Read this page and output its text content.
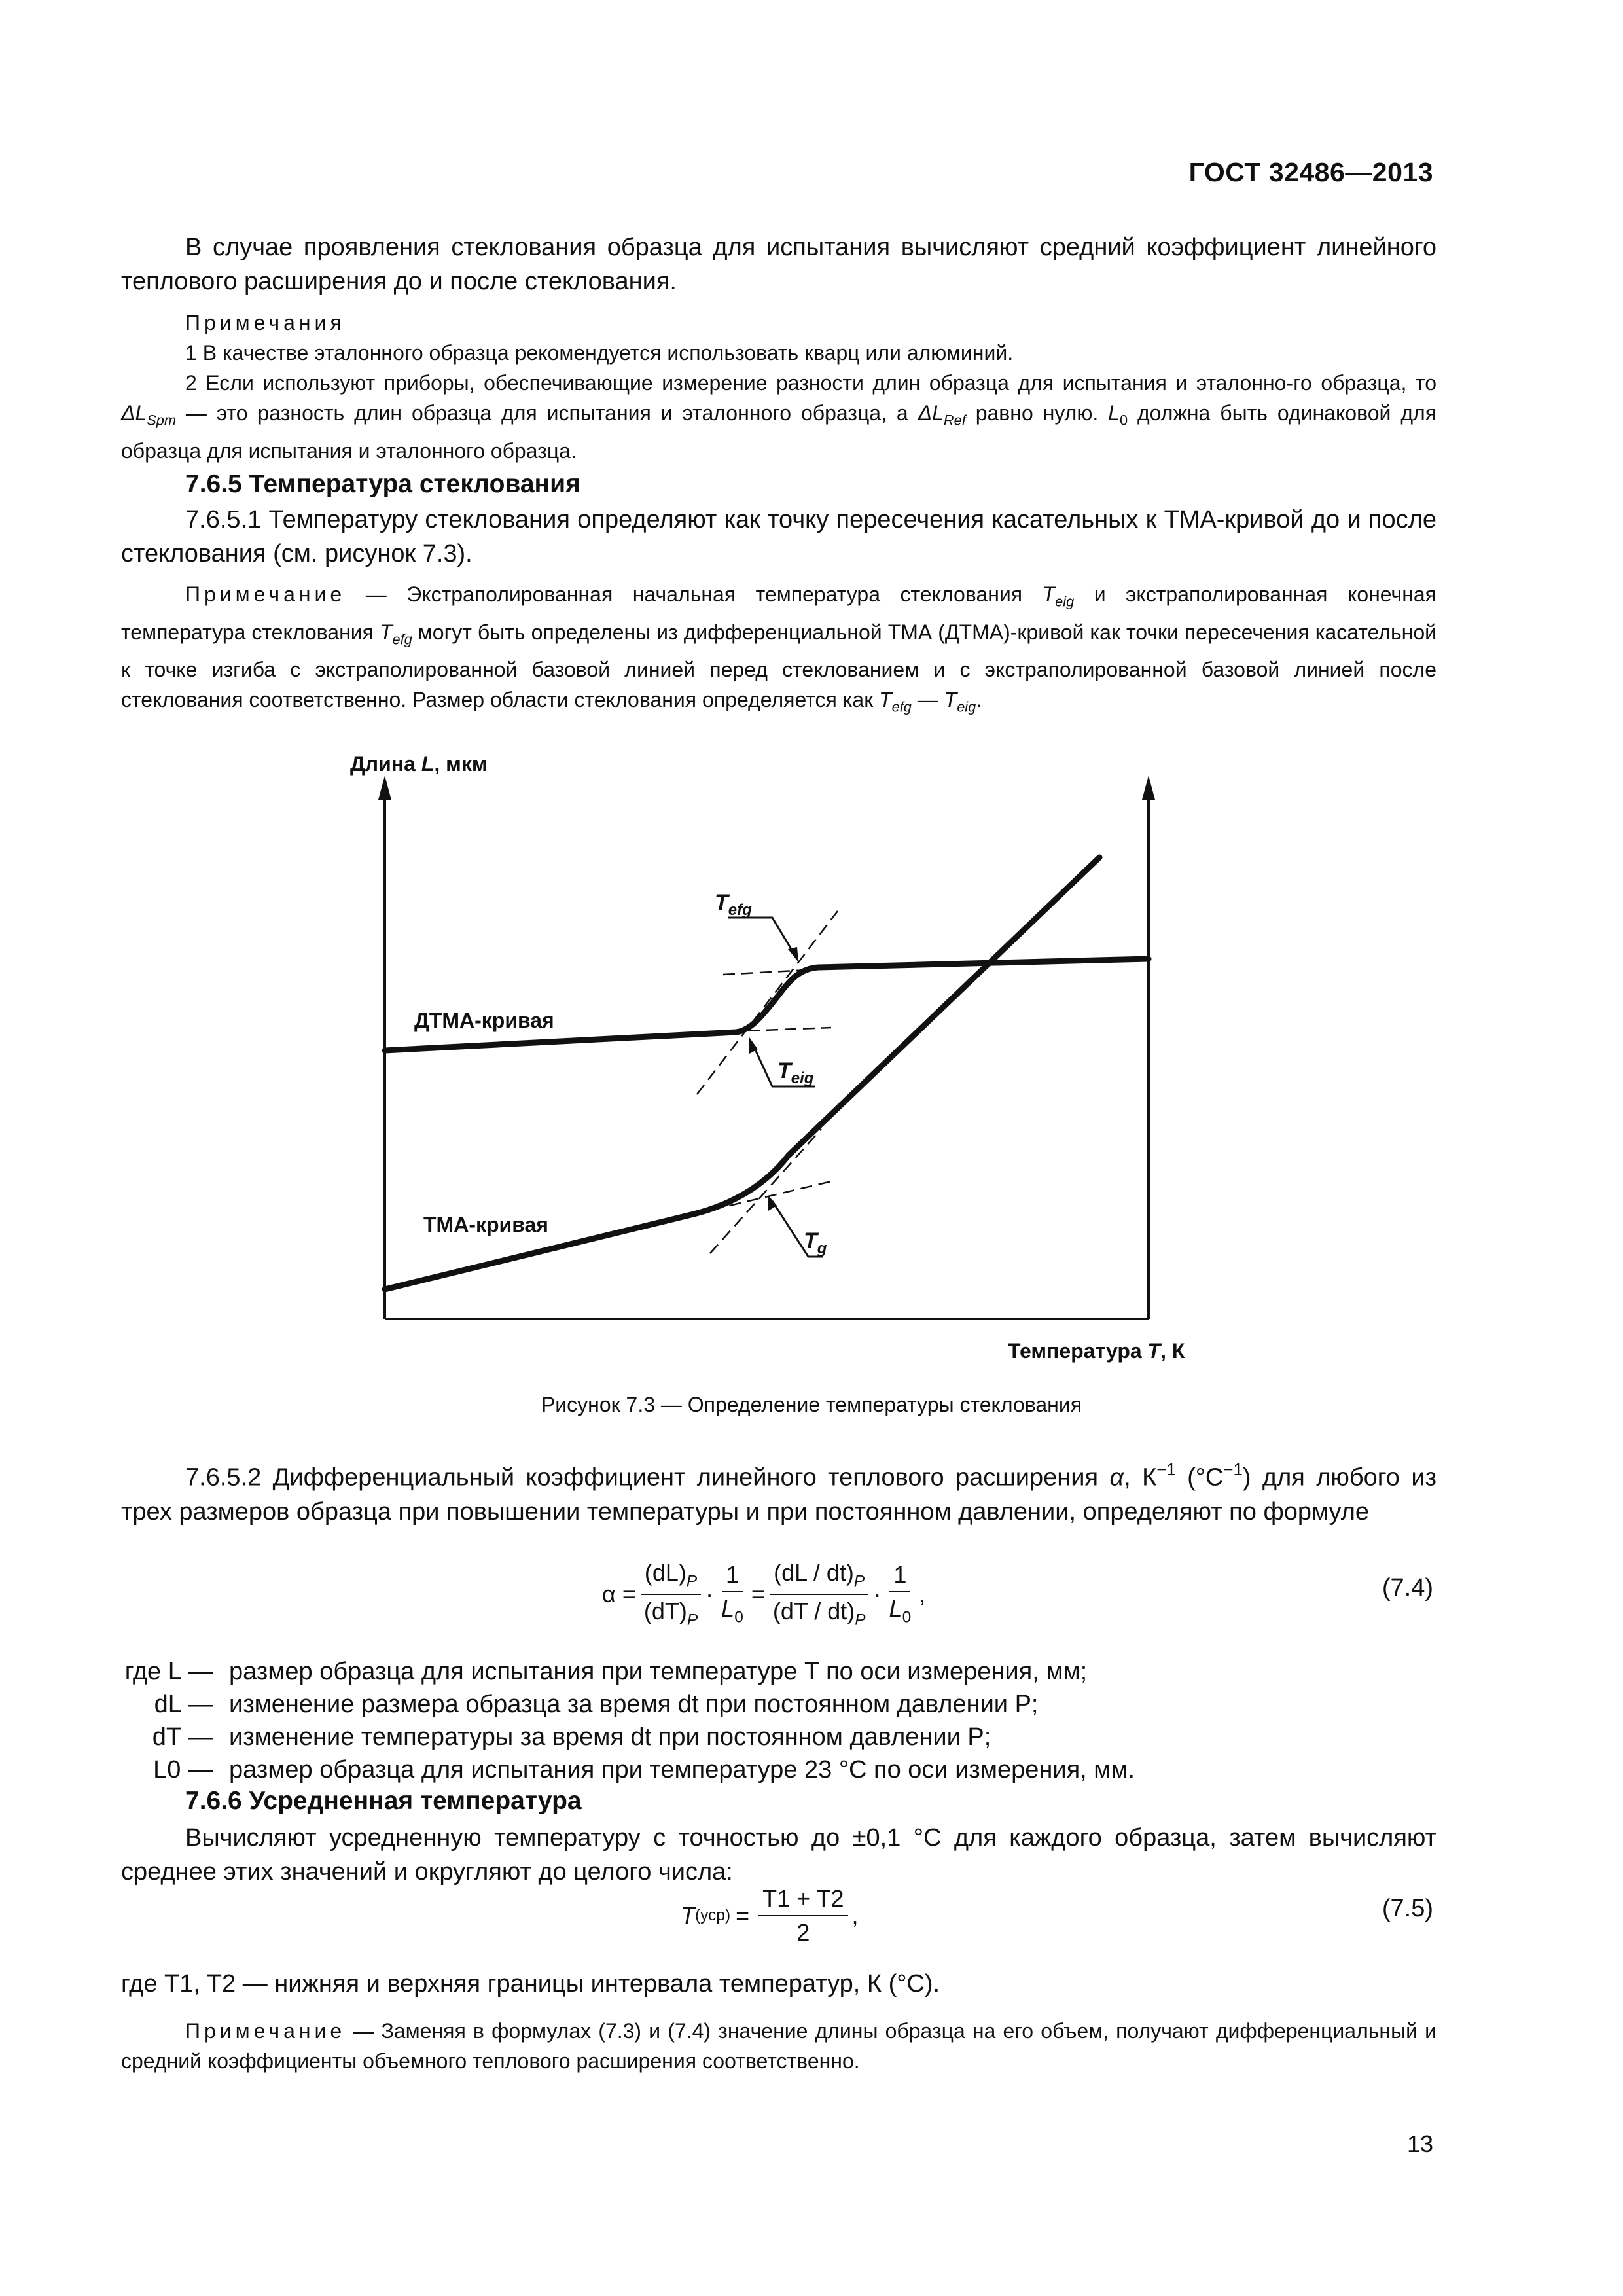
ГОСТ 32486—2013
В случае проявления стеклования образца для испытания вычисляют средний коэффициент линейного теплового расширения до и после стеклования.
Примечания
1 В качестве эталонного образца рекомендуется использовать кварц или алюминий.
2 Если используют приборы, обеспечивающие измерение разности длин образца для испытания и эталонно-го образца, то $\Delta L_{Spm}$ — это разность длин образца для испытания и эталонного образца, а $\Delta L_{Ref}$ равно нулю. $L_0$ должна быть одинаковой для образца для испытания и эталонного образца.
7.6.5 Температура стеклования
7.6.5.1 Температуру стеклования определяют как точку пересечения касательных к ТМА-кривой до и после стеклования (см. рисунок 7.3).
Примечание — Экстраполированная начальная температура стеклования $T_{eig}$ и экстраполированная конечная температура стеклования $T_{efg}$ могут быть определены из дифференциальной ТМА (ДТМА)-кривой как точки пересечения касательной к точке изгиба с экстраполированной базовой линией перед стеклованием и с экстраполированной базовой линией после стеклования соответственно. Размер области стеклования определяется как $T_{efg}$ — $T_{eig}$.
Длина L, мкм
Температура T, К
ДТМА-кривая
ТМА-кривая
$T_{efg}$
$T_{eig}$
$T_g$
Рисунок 7.3 — Определение температуры стеклования
7.6.5.2 Дифференциальный коэффициент линейного теплового расширения α, $К^{-1}$ $(^\circ С^{-1})$ для любого из трех размеров образца при повышении температуры и при постоянном давлении, определяют по формуле
$\alpha = \frac{(dL)_P}{(dT)_P} \cdot \frac{1}{L_0} = \frac{(dL / dt)_P}{(dT / dt)_P} \cdot \frac{1}{L_0}$ ,	(7.4)
где L — размер образца для испытания при температуре T по оси измерения, мм;
dL — изменение размера образца за время dt при постоянном давлении P;
dT — изменение температуры за время dt при постоянном давлении P;
L0 — размер образца для испытания при температуре 23 °С по оси измерения, мм.
7.6.6 Усредненная температура
Вычисляют усредненную температуру с точностью до ±0,1 °С для каждого образца, затем вычисляют среднее этих значений и округляют до целого числа:
T $(уср) = \frac{T1 + T2}{2}$ ,	(7.5)
где T1, T2 — нижняя и верхняя границы интервала температур, К (°С).
Примечание — Заменяя в формулах (7.3) и (7.4) значение длины образца на его объем, получают дифференциальный и средний коэффициенты объемного теплового расширения соответственно.
13
